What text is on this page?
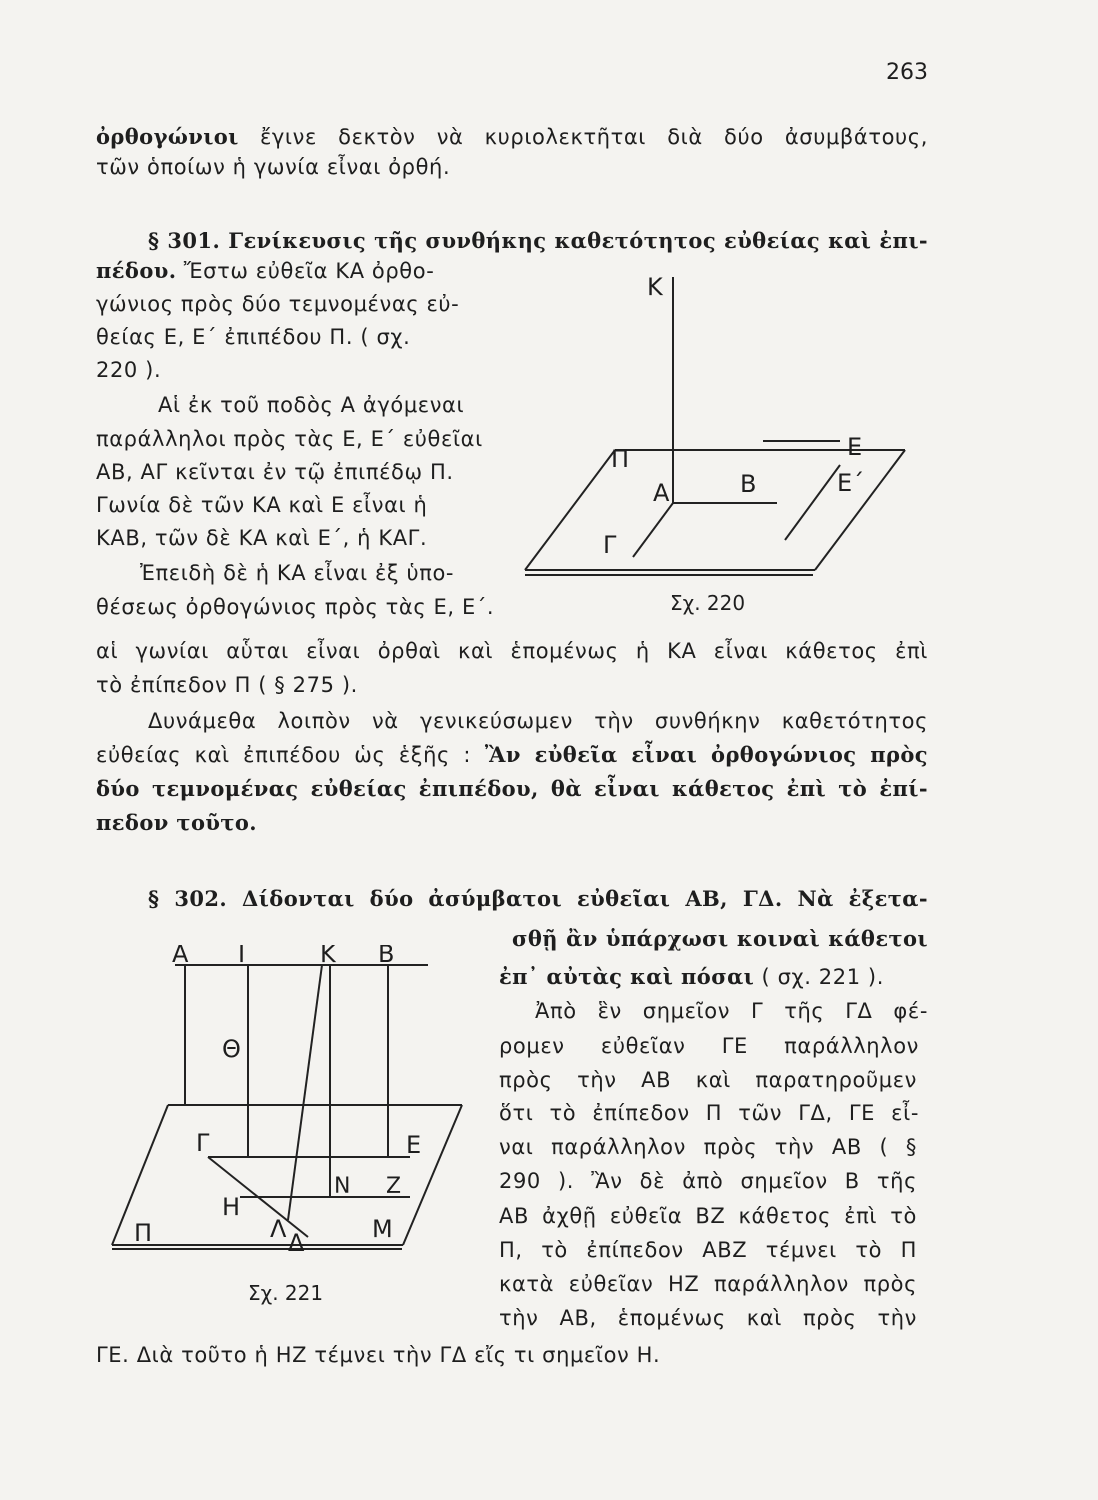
263
ὀρθογώνιοι ἔγινε δεκτὸν νὰ κυριολεκτῆται διὰ δύο ἀσυμβάτους,
τῶν ὁποίων ἡ γωνία εἶναι ὀρθή.
§ 301. Γενίκευσις τῆς συνθήκης καθετότητος εὐθείας καὶ ἐπι-
πέδου. Ἔστω εὐθεῖα ΚΑ ὀρθο-
γώνιος πρὸς δύο τεμνομένας εὐ-
θείας Ε, Ε΄ ἐπιπέδου Π. ( σχ.
220 ).
Αἱ ἐκ τοῦ ποδὸς Α ἀγόμεναι
παράλληλοι πρὸς τὰς Ε, Ε΄ εὐθεῖαι
ΑΒ, ΑΓ κεῖνται ἐν τῷ ἐπιπέδῳ Π.
Γωνία δὲ τῶν ΚΑ καὶ Ε εἶναι ἡ
ΚΑΒ, τῶν δὲ ΚΑ καὶ Ε΄, ἡ ΚΑΓ.
Ἐπειδὴ δὲ ἡ ΚΑ εἶναι ἐξ ὑπο-
θέσεως ὀρθογώνιος πρὸς τὰς Ε, Ε΄.
αἱ γωνίαι αὗται εἶναι ὀρθαὶ καὶ ἑπομένως ἡ ΚΑ εἶναι κάθετος ἐπὶ
τὸ ἐπίπεδον Π ( § 275 ).
Δυνάμεθα λοιπὸν νὰ γενικεύσωμεν τὴν συνθήκην καθετότητος
εὐθείας καὶ ἐπιπέδου ὡς ἑξῆς : Ἂν εὐθεῖα εἶναι ὀρθογώνιος πρὸς
δύο τεμνομένας εὐθείας ἐπιπέδου, θὰ εἶναι κάθετος ἐπὶ τὸ ἐπί-
πεδον τοῦτο.
Κ
Π
Α	Β
Ε
Ε΄
Γ
Σχ. 220
§ 302. Δίδονται δύο ἀσύμβατοι εὐθεῖαι ΑΒ, ΓΔ. Νὰ ἐξετα-
σθῇ ἂν ὑπάρχωσι κοιναὶ κάθετοι
ἐπ᾿ αὐτὰς καὶ πόσαι ( σχ. 221 ).
Ἀπὸ ἓν σημεῖον Γ τῆς ΓΔ φέ-
ρομεν εὐθεῖαν ΓΕ παράλληλον
πρὸς τὴν ΑΒ καὶ παρατηροῦμεν
ὅτι τὸ ἐπίπεδον Π τῶν ΓΔ, ΓΕ εἶ-
ναι παράλληλον πρὸς τὴν ΑΒ ( §
290 ). Ἂν δὲ ἀπὸ σημεῖον Β τῆς
ΑΒ ἀχθῇ εὐθεῖα ΒΖ κάθετος ἐπὶ τὸ
Π, τὸ ἐπίπεδον ΑΒΖ τέμνει τὸ Π
κατὰ εὐθεῖαν ΗΖ παράλληλον πρὸς
τὴν ΑΒ, ἑπομένως καὶ πρὸς τὴν
ΓΕ. Διὰ τοῦτο ἡ ΗΖ τέμνει τὴν ΓΔ εἴς τι σημεῖον Η.
Α Ι	Κ Β
Θ
Γ	Ε
Ν Ζ
Η
Λ Δ	Μ
Π
Σχ. 221
